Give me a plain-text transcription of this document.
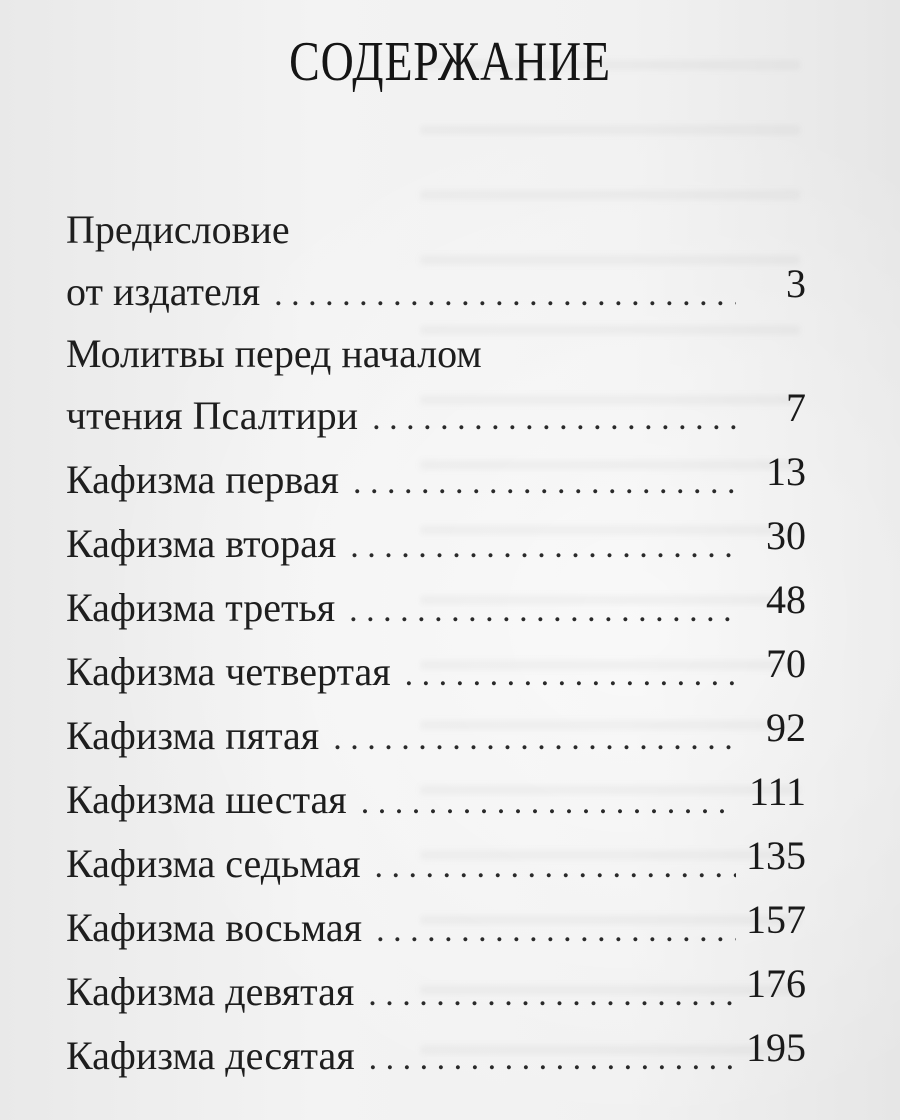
СОДЕРЖАНИЕ
Предисловие
от издателя . . .	3
Молитвы перед началом
чтения Псалтири . . .	7
Кафизма первая . . .	13
Кафизма вторая . . .	30
Кафизма третья . . .	48
Кафизма четвертая . . .	70
Кафизма пятая . . .	92
Кафизма шестая . . .	111
Кафизма седьмая . . .	135
Кафизма восьмая . . .	157
Кафизма девятая . . .	176
Кафизма десятая . . .	195
